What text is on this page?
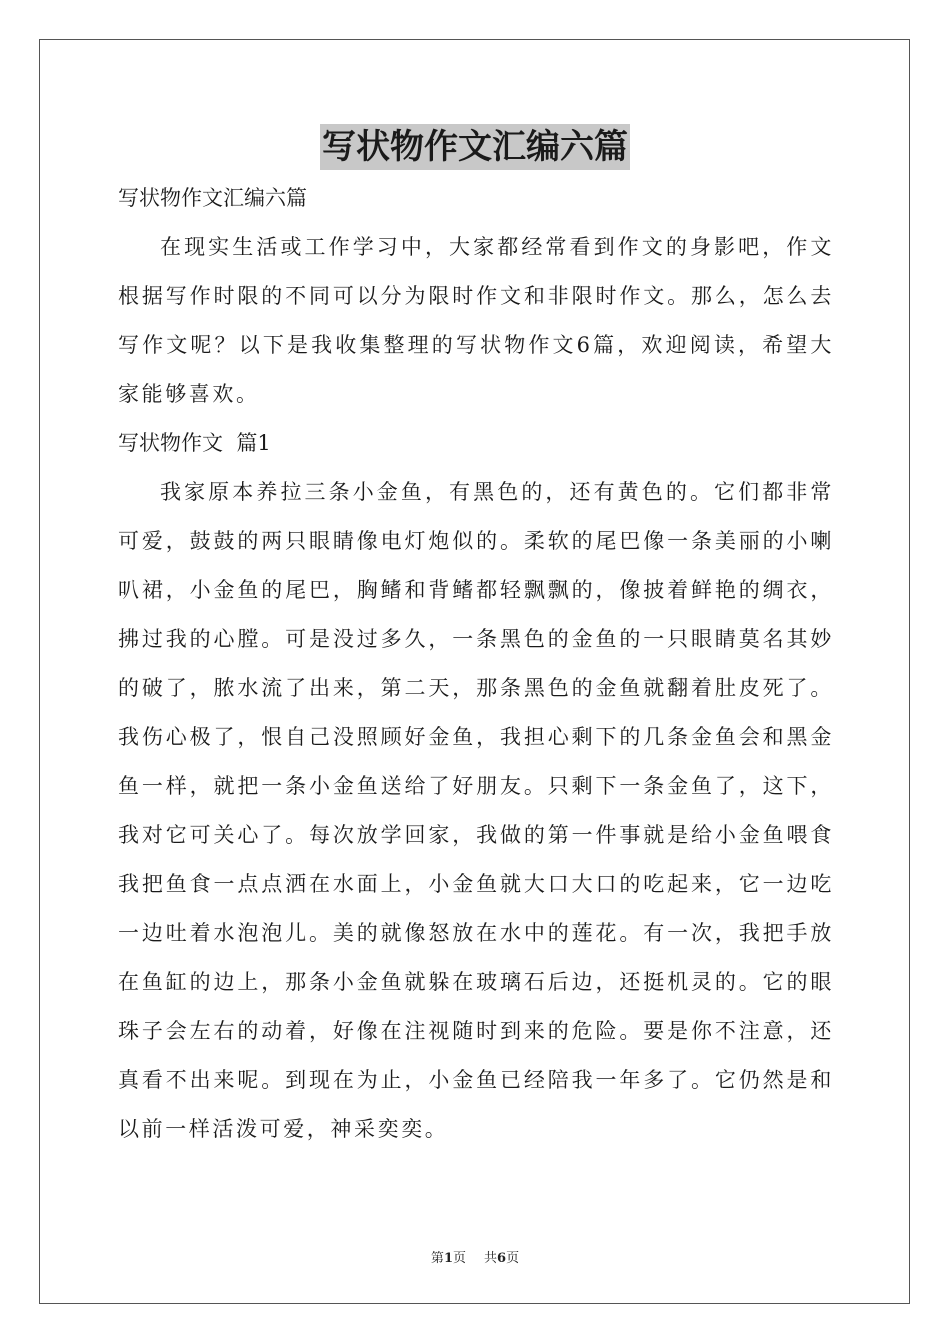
写状物作文汇编六篇

写状物作文汇编六篇

在现实生活或工作学习中，大家都经常看到作文的身影吧，作文根据写作时限的不同可以分为限时作文和非限时作文。那么，怎么去写作文呢？以下是我收集整理的写状物作文6篇，欢迎阅读，希望大家能够喜欢。

写状物作文  篇1

我家原本养拉三条小金鱼，有黑色的，还有黄色的。它们都非常可爱，鼓鼓的两只眼睛像电灯炮似的。柔软的尾巴像一条美丽的小喇叭裙，小金鱼的尾巴，胸鳍和背鳍都轻飘飘的，像披着鲜艳的绸衣，拂过我的心膛。可是没过多久，一条黑色的金鱼的一只眼睛莫名其妙的破了，脓水流了出来，第二天，那条黑色的金鱼就翻着肚皮死了。我伤心极了，恨自己没照顾好金鱼，我担心剩下的几条金鱼会和黑金鱼一样，就把一条小金鱼送给了好朋友。只剩下一条金鱼了，这下，我对它可关心了。每次放学回家，我做的第一件事就是给小金鱼喂食我把鱼食一点点洒在水面上，小金鱼就大口大口的吃起来，它一边吃一边吐着水泡泡儿。美的就像怒放在水中的莲花。有一次，我把手放在鱼缸的边上，那条小金鱼就躲在玻璃石后边，还挺机灵的。它的眼珠子会左右的动着，好像在注视随时到来的危险。要是你不注意，还真看不出来呢。到现在为止，小金鱼已经陪我一年多了。它仍然是和以前一样活泼可爱，神采奕奕。

第1页 共6页
